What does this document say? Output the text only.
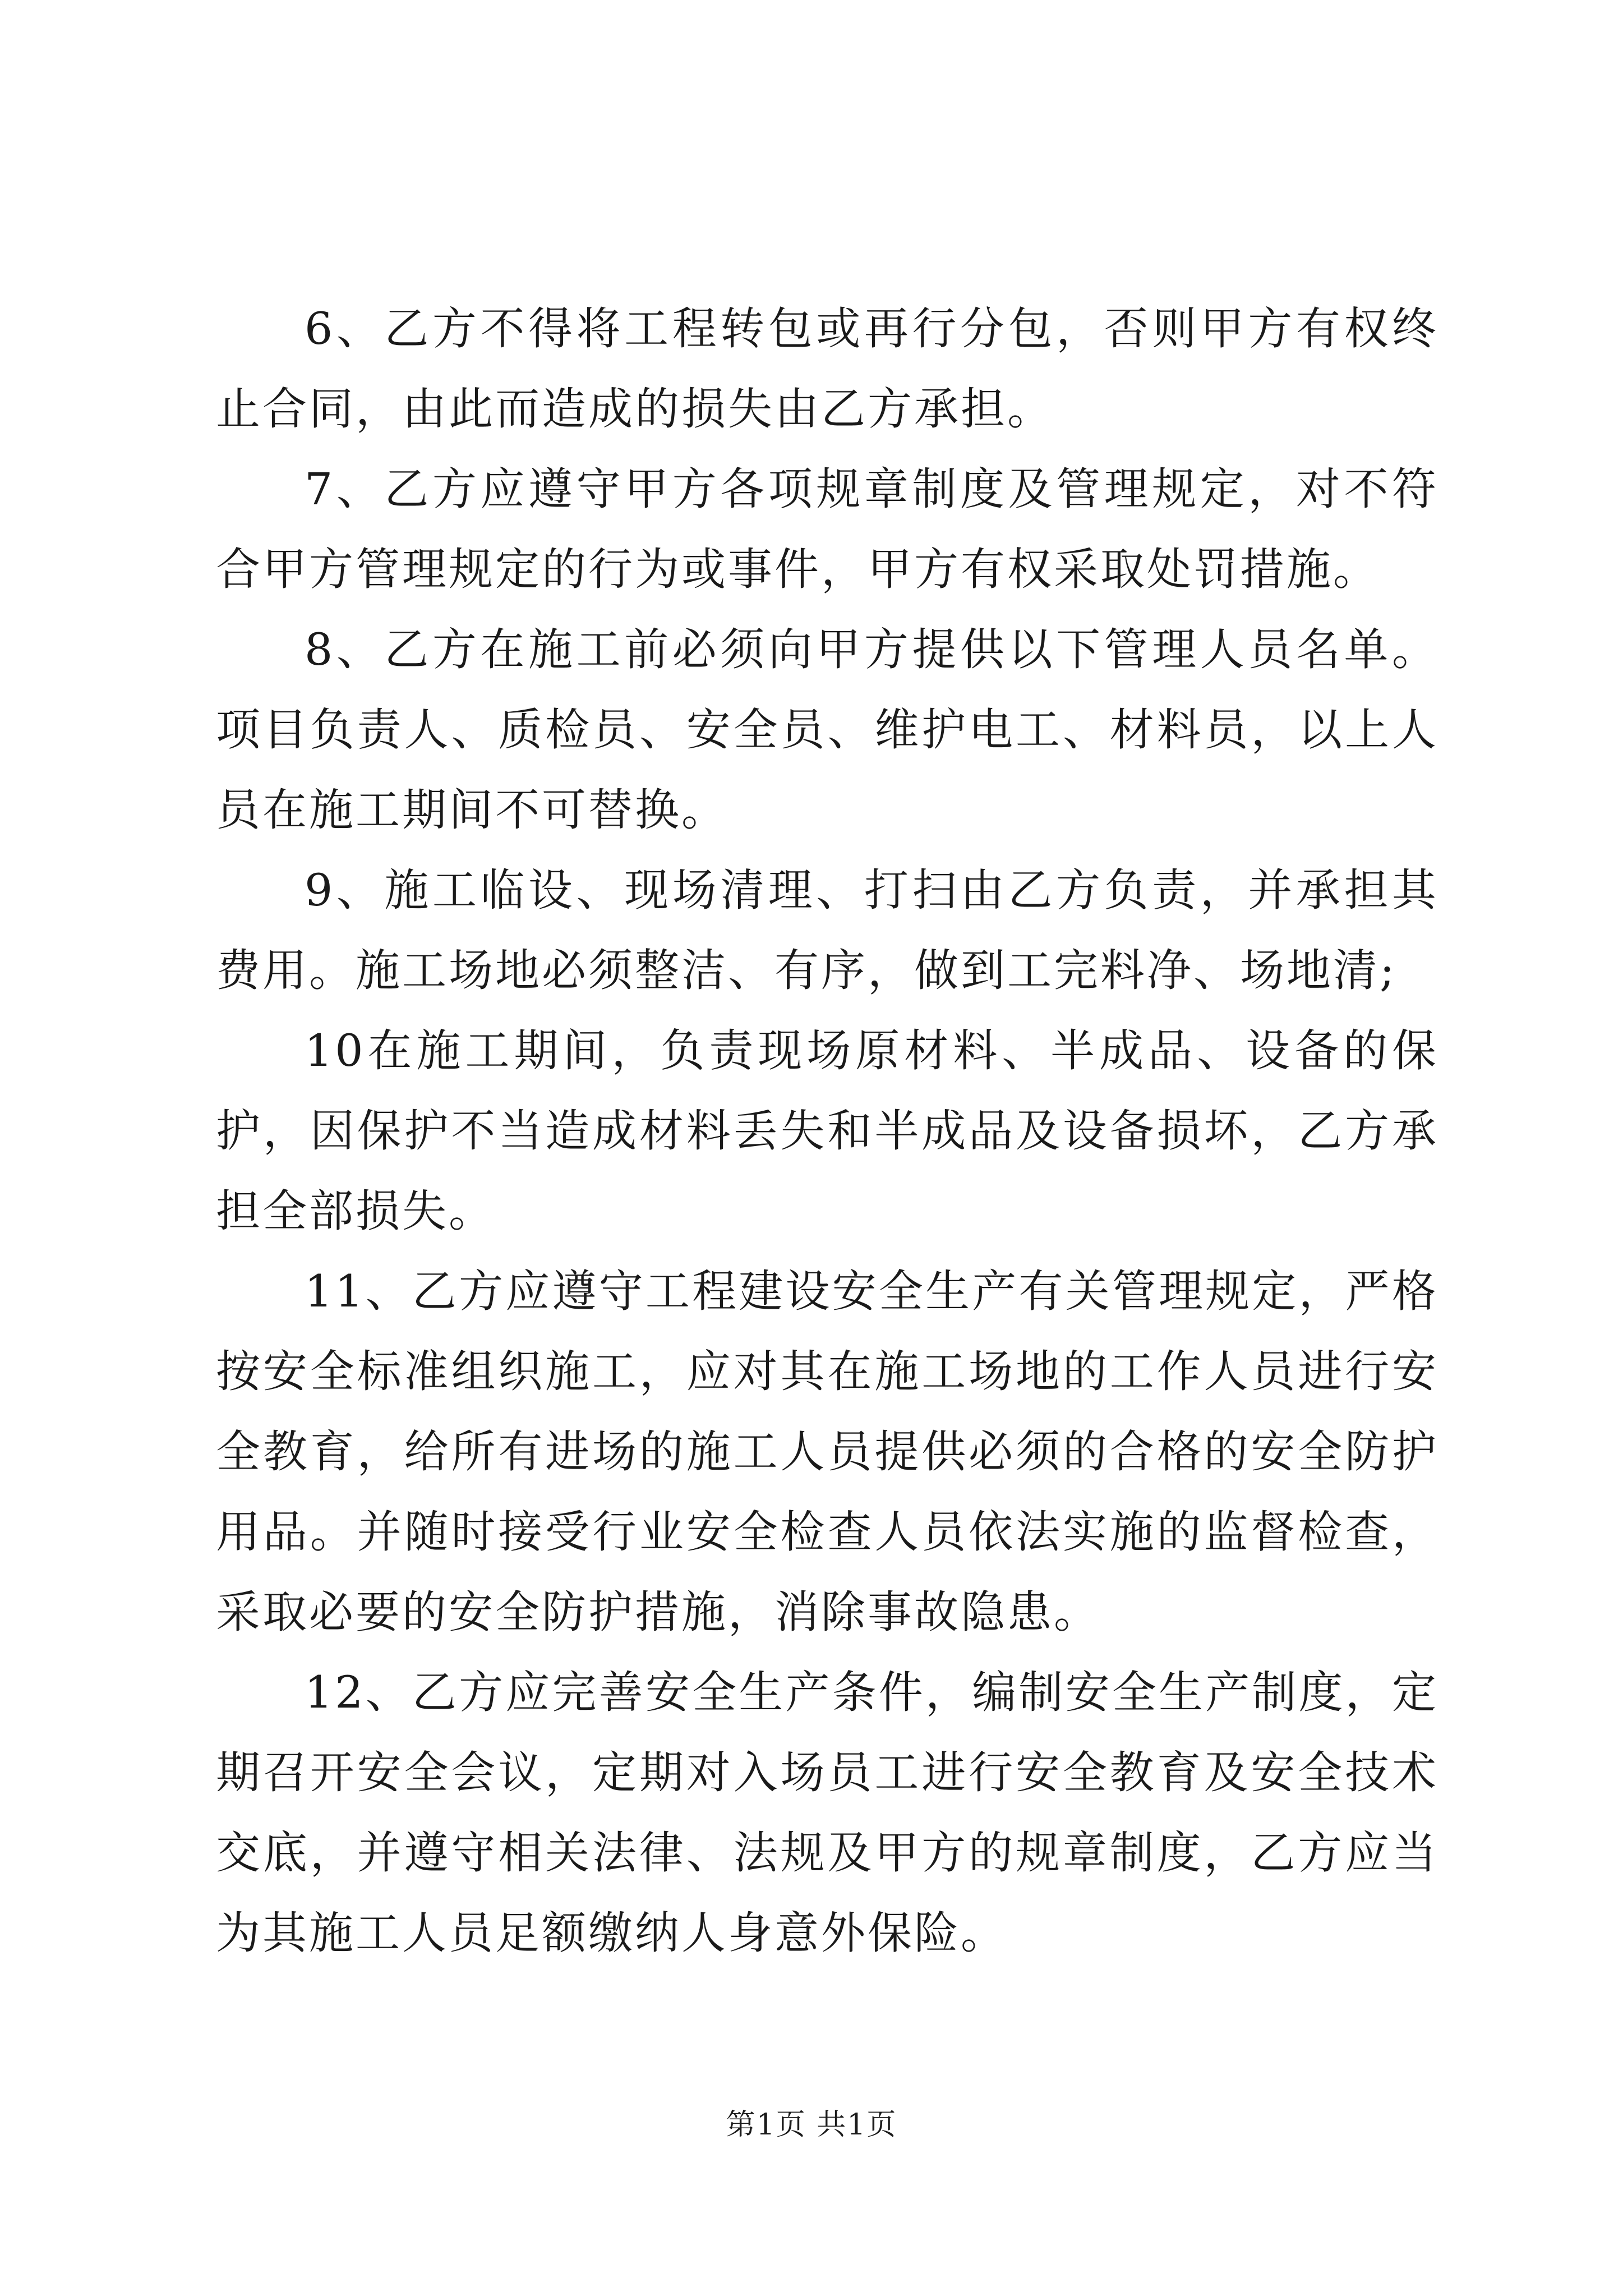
6、乙方不得将工程转包或再行分包，否则甲方有权终止合同，由此而造成的损失由乙方承担。

7、乙方应遵守甲方各项规章制度及管理规定，对不符合甲方管理规定的行为或事件，甲方有权采取处罚措施。

8、乙方在施工前必须向甲方提供以下管理人员名单。项目负责人、质检员、安全员、维护电工、材料员，以上人员在施工期间不可替换。

9、施工临设、现场清理、打扫由乙方负责，并承担其费用。施工场地必须整洁、有序，做到工完料净、场地清;

10在施工期间，负责现场原材料、半成品、设备的保护，因保护不当造成材料丢失和半成品及设备损坏，乙方承担全部损失。

11、乙方应遵守工程建设安全生产有关管理规定，严格按安全标准组织施工，应对其在施工场地的工作人员进行安全教育，给所有进场的施工人员提供必须的合格的安全防护用品。并随时接受行业安全检查人员依法实施的监督检查，采取必要的安全防护措施，消除事故隐患。

12、乙方应完善安全生产条件，编制安全生产制度，定期召开安全会议，定期对入场员工进行安全教育及安全技术交底，并遵守相关法律、法规及甲方的规章制度，乙方应当为其施工人员足额缴纳人身意外保险。

第1页 共1页
